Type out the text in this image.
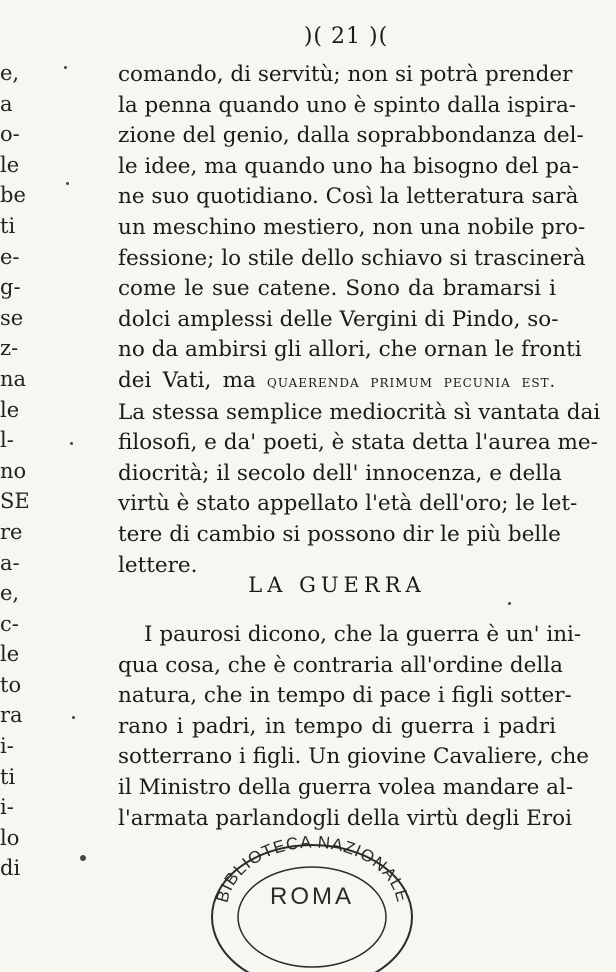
)( 21 )(
e,
a
o-
le
be
ti
e-
g-
se
z-
na
le
l-
no
SE
re
a-
e,
c-
le
to
ra
i-
ti
i-
lo
di
comando, di servitù; non si potrà prender
la penna quando uno è spinto dalla ispira-
zione del genio, dalla soprabbondanza del-
le idee, ma quando uno ha bisogno del pa-
ne suo quotidiano. Così la letteratura sarà
un meschino mestiero, non una nobile pro-
fessione; lo stile dello schiavo si trascinerà
come le sue catene. Sono da bramarsi i
dolci amplessi delle Vergini di Pindo, so-
no da ambirsi gli allori, che ornan le fronti
dei Vati, ma quaerenda primum pecunia est.
La stessa semplice mediocrità sì vantata dai
filosofi, e da' poeti, è stata detta l'aurea me-
diocrità; il secolo dell' innocenza, e della
virtù è stato appellato l'età dell'oro; le let-
tere di cambio si possono dir le più belle
lettere.
LA GUERRA
I paurosi dicono, che la guerra è un' ini-
qua cosa, che è contraria all'ordine della
natura, che in tempo di pace i figli sotter-
rano i padri, in tempo di guerra i padri
sotterrano i figli. Un giovine Cavaliere, che
il Ministro della guerra volea mandare al-
l'armata parlandogli della virtù degli Eroi
BIBLIOTECA NAZIONALE
ROMA
